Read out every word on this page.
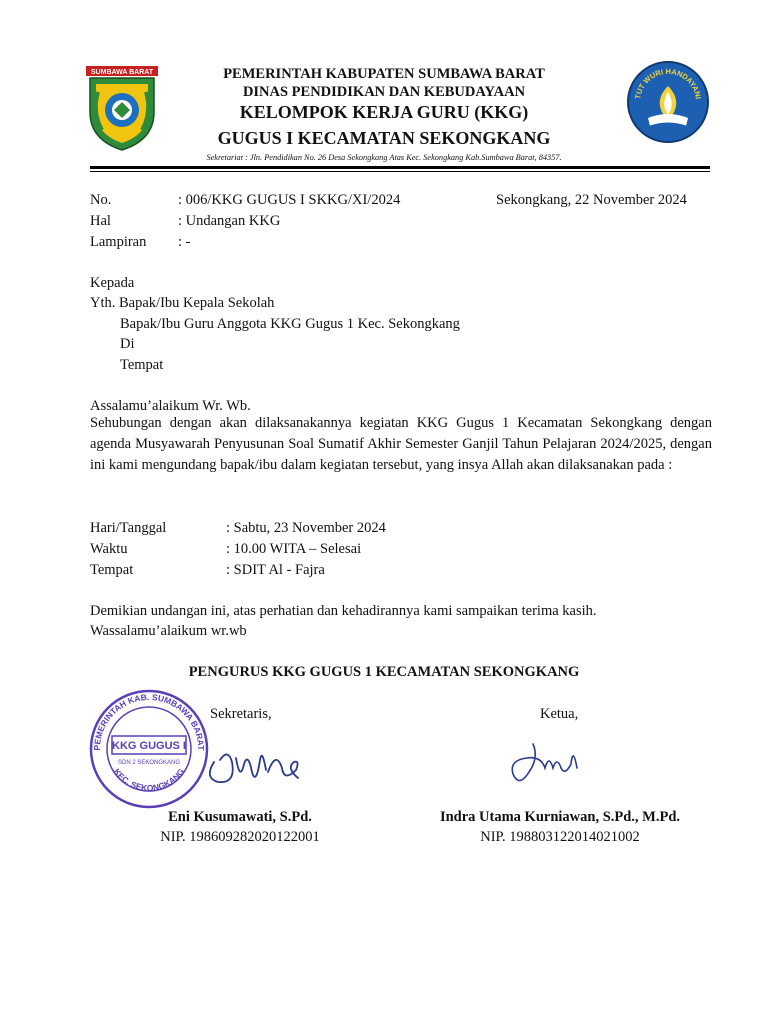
SUMBAWA BARAT	PEMERINTAH KABUPATEN SUMBAWA BARAT
DINAS PENDIDIKAN DAN KEBUDAYAAN
KELOMPOK KERJA GURU (KKG)
GUGUS I KECAMATAN SEKONGKANG
Sekretariat : Jln. Pendidikan No. 26 Desa Sekongkang Atas Kec. Sekongkang Kab.Sumbawa Barat, 84357.
TUT WURI HANDAYANI
No.	: 006/KKG GUGUS I SKKG/XI/2024	Sekongkang, 22 November 2024
Hal	: Undangan KKG
Lampiran : -
Kepada
Yth. Bapak/Ibu Kepala Sekolah
Bapak/Ibu Guru Anggota KKG Gugus 1 Kec. Sekongkang
Di
Tempat
Assalamu’alaikum Wr. Wb.
Sehubungan dengan akan dilaksanakannya kegiatan KKG Gugus 1 Kecamatan Sekongkang dengan agenda Musyawarah Penyusunan Soal Sumatif Akhir Semester Ganjil Tahun Pelajaran 2024/2025, dengan ini kami mengundang bapak/ibu dalam kegiatan tersebut, yang insya Allah akan dilaksanakan pada :
Hari/Tanggal	: Sabtu, 23 November 2024
Waktu	: 10.00 WITA – Selesai
Tempat	: SDIT Al - Fajra
Demikian undangan ini, atas perhatian dan kehadirannya kami sampaikan terima kasih.
Wassalamu’alaikum wr.wb
PENGURUS KKG GUGUS 1 KECAMATAN SEKONGKANG
Sekretaris,	Ketua,
PEMERINTAH KAB. SUMBAWA BARAT
KEC. SEKONGKANG
KKG GUGUS I
SDN 2 SEKONGKANG
Eni Kusumawati, S.Pd.
NIP. 198609282020122001
Indra Utama Kurniawan, S.Pd., M.Pd.
NIP. 198803122014021002
